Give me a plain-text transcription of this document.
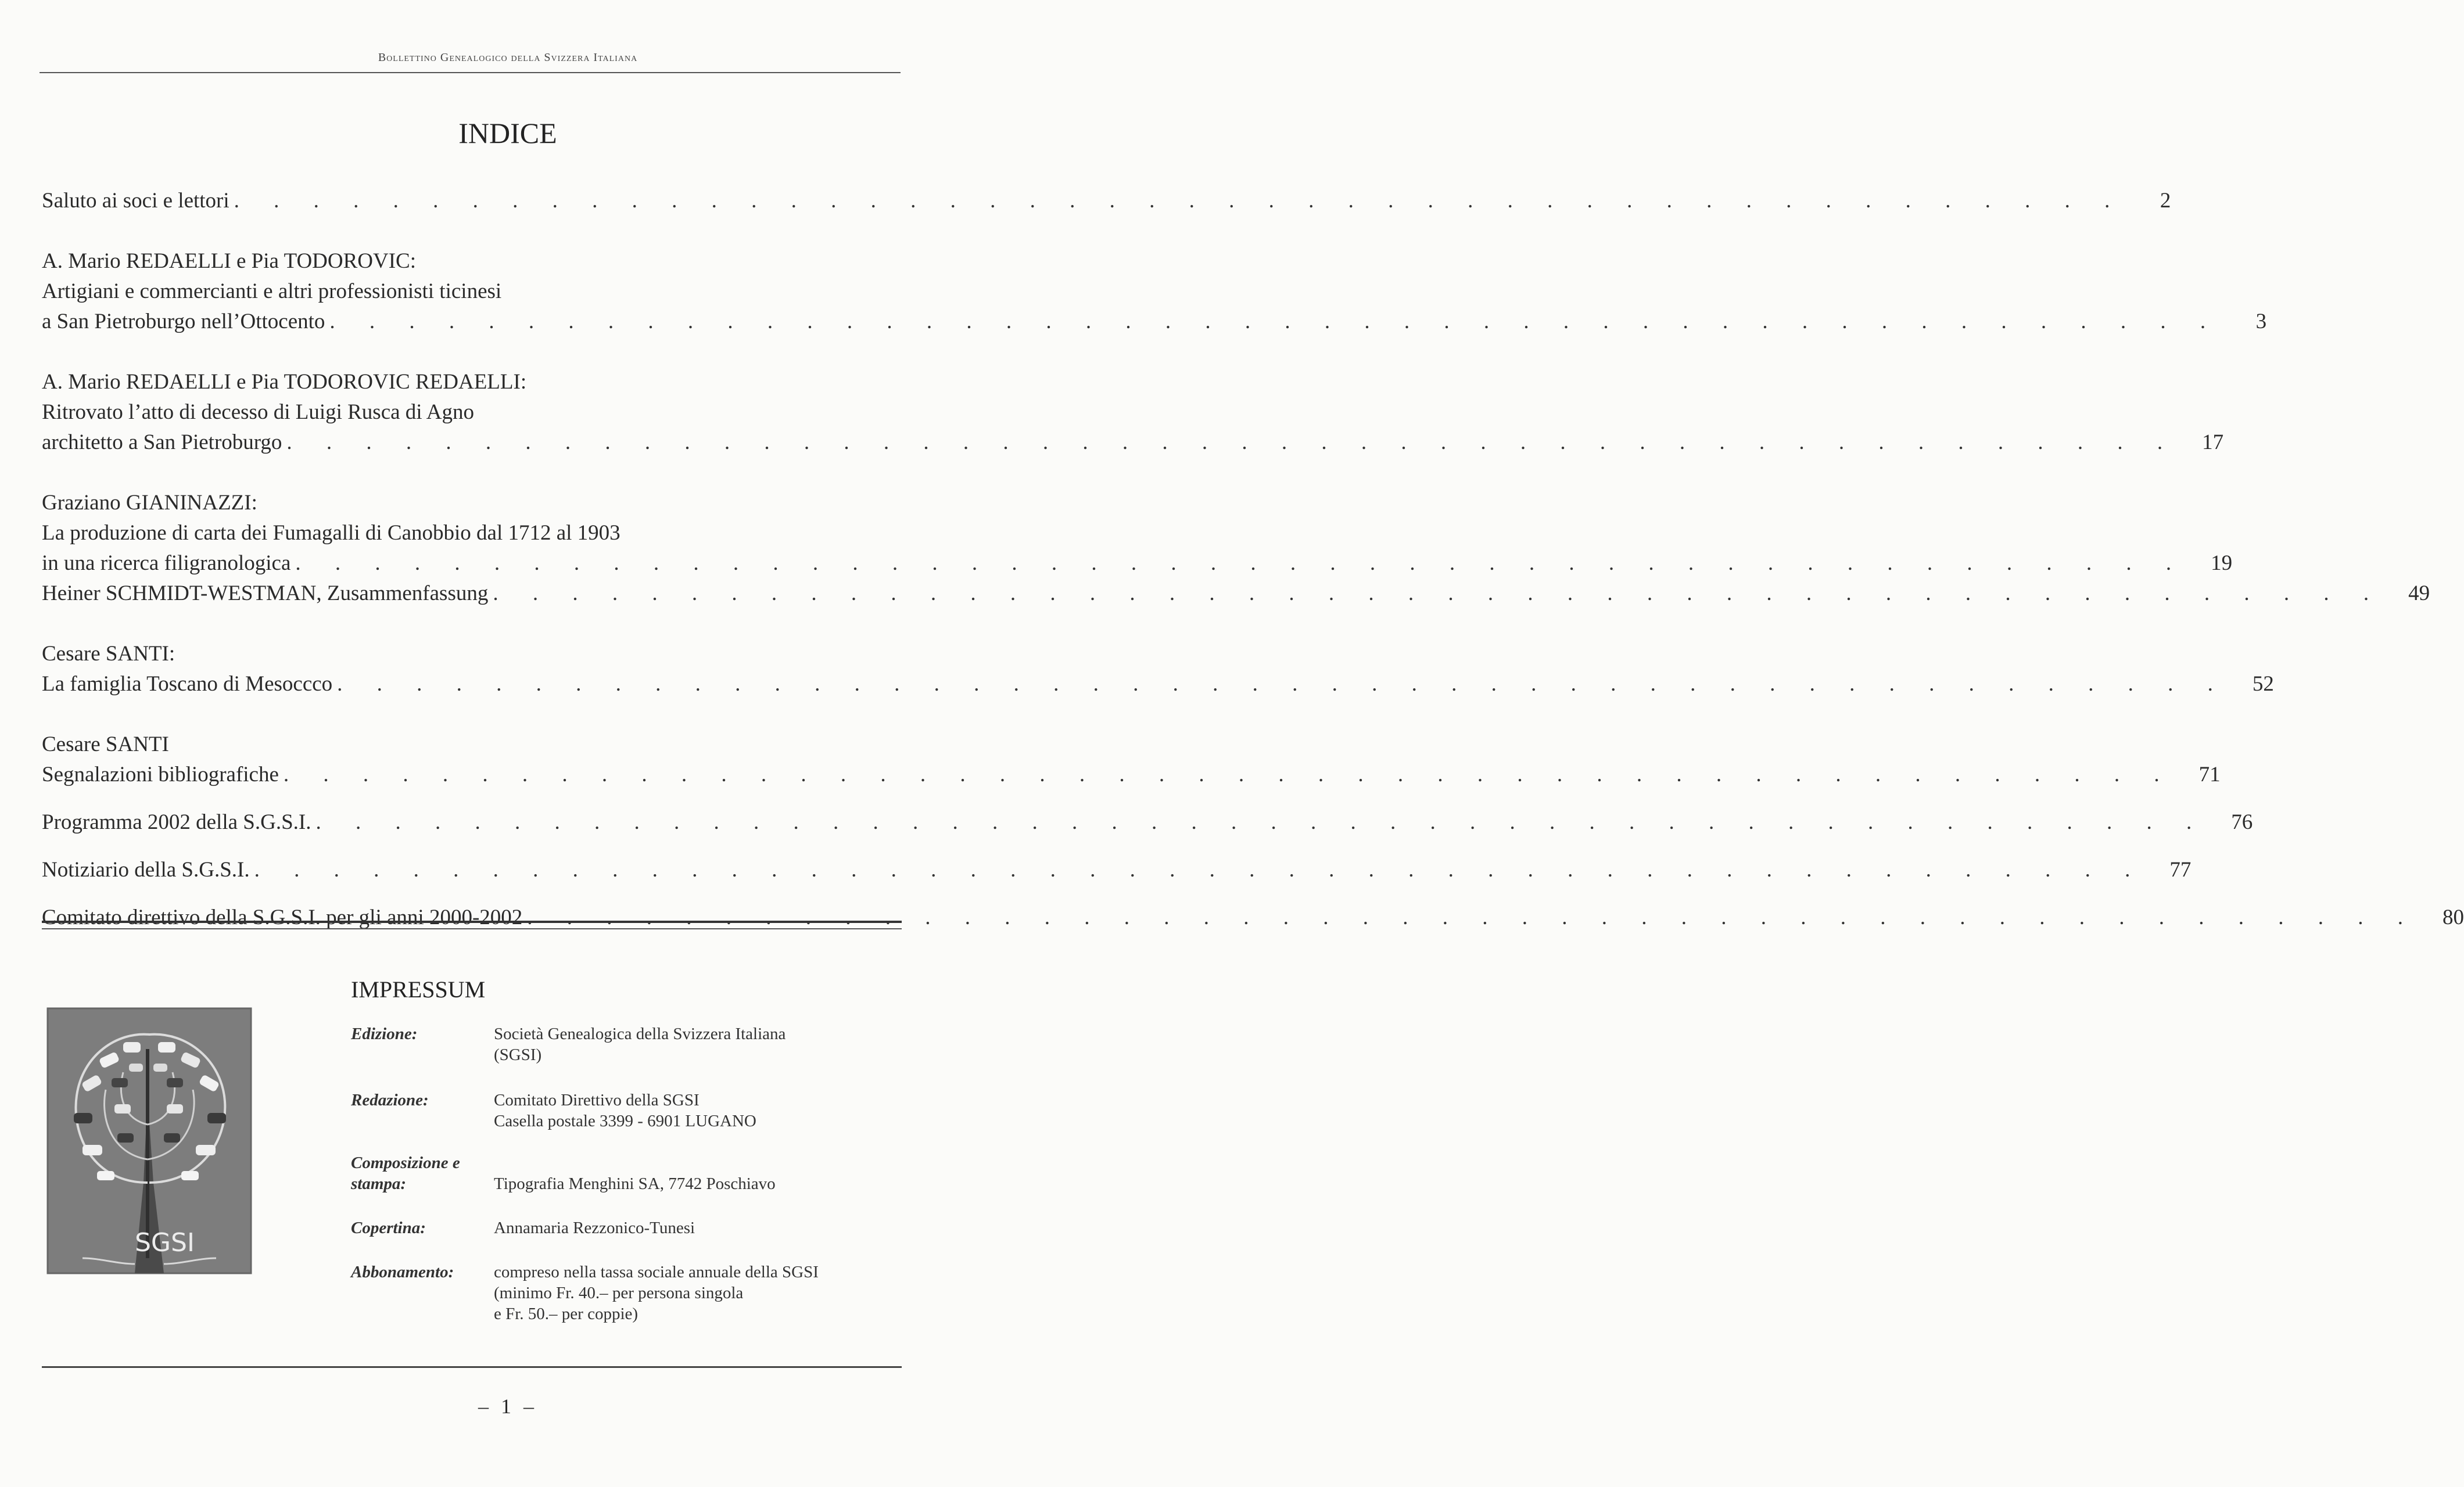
Bollettino Genealogico della Svizzera Italiana
INDICE
Saluto ai soci e lettori . . . . . . . . . . . . . . . . . . . . . . . . . . . . . . . . . . . . . . . . . . . . . . . .	2
A. Mario REDAELLI e Pia TODOROVIC:
Artigiani e commercianti e altri professionisti ticinesi
a San Pietroburgo nell’Ottocento . . . . . . . . . . . . . . . . . . . . . . . . . . . . . . . . . . . . . . . . . . . . . . . .	3
A. Mario REDAELLI e Pia TODOROVIC REDAELLI:
Ritrovato l’atto di decesso di Luigi Rusca di Agno
architetto a San Pietroburgo . . . . . . . . . . . . . . . . . . . . . . . . . . . . . . . . . . . . . . . . . . . . . . . .	17
Graziano GIANINAZZI:
La produzione di carta dei Fumagalli di Canobbio dal 1712 al 1903
in una ricerca filigranologica . . . . . . . . . . . . . . . . . . . . . . . . . . . . . . . . . . . . . . . . . . . . . . . .	19
Heiner SCHMIDT-WESTMAN, Zusammenfassung . . . . . . . . . . . . . . . . . . . . . . . . . . . . . . . . . . . . . . . . . . . . . . . .	49
Cesare SANTI:
La famiglia Toscano di Mesoccco . . . . . . . . . . . . . . . . . . . . . . . . . . . . . . . . . . . . . . . . . . . . . . . .	52
Cesare SANTI
Segnalazioni bibliografiche . . . . . . . . . . . . . . . . . . . . . . . . . . . . . . . . . . . . . . . . . . . . . . . .	71
Programma 2002 della S.G.S.I. . . . . . . . . . . . . . . . . . . . . . . . . . . . . . . . . . . . . . . . . . . . . . . . .	76
Notiziario della S.G.S.I. . . . . . . . . . . . . . . . . . . . . . . . . . . . . . . . . . . . . . . . . . . . . . . . .	77
Comitato direttivo della S.G.S.I. per gli anni 2000-2002 . . . . . . . . . . . . . . . . . . . . . . . . . . . . . . . . . . . . . . . . . . . . . . . .	80
SGSI
IMPRESSUM
Edizione:	Società Genealogica della Svizzera Italiana
(SGSI)
Redazione:	Comitato Direttivo della SGSI
Casella postale 3399 - 6901 LUGANO
Composizione e stampa:	Tipografia Menghini SA, 7742 Poschiavo
Copertina:	Annamaria Rezzonico-Tunesi
Abbonamento:	compreso nella tassa sociale annuale della SGSI
(minimo Fr. 40.– per persona singola
e Fr. 50.– per coppie)
– 1 –
